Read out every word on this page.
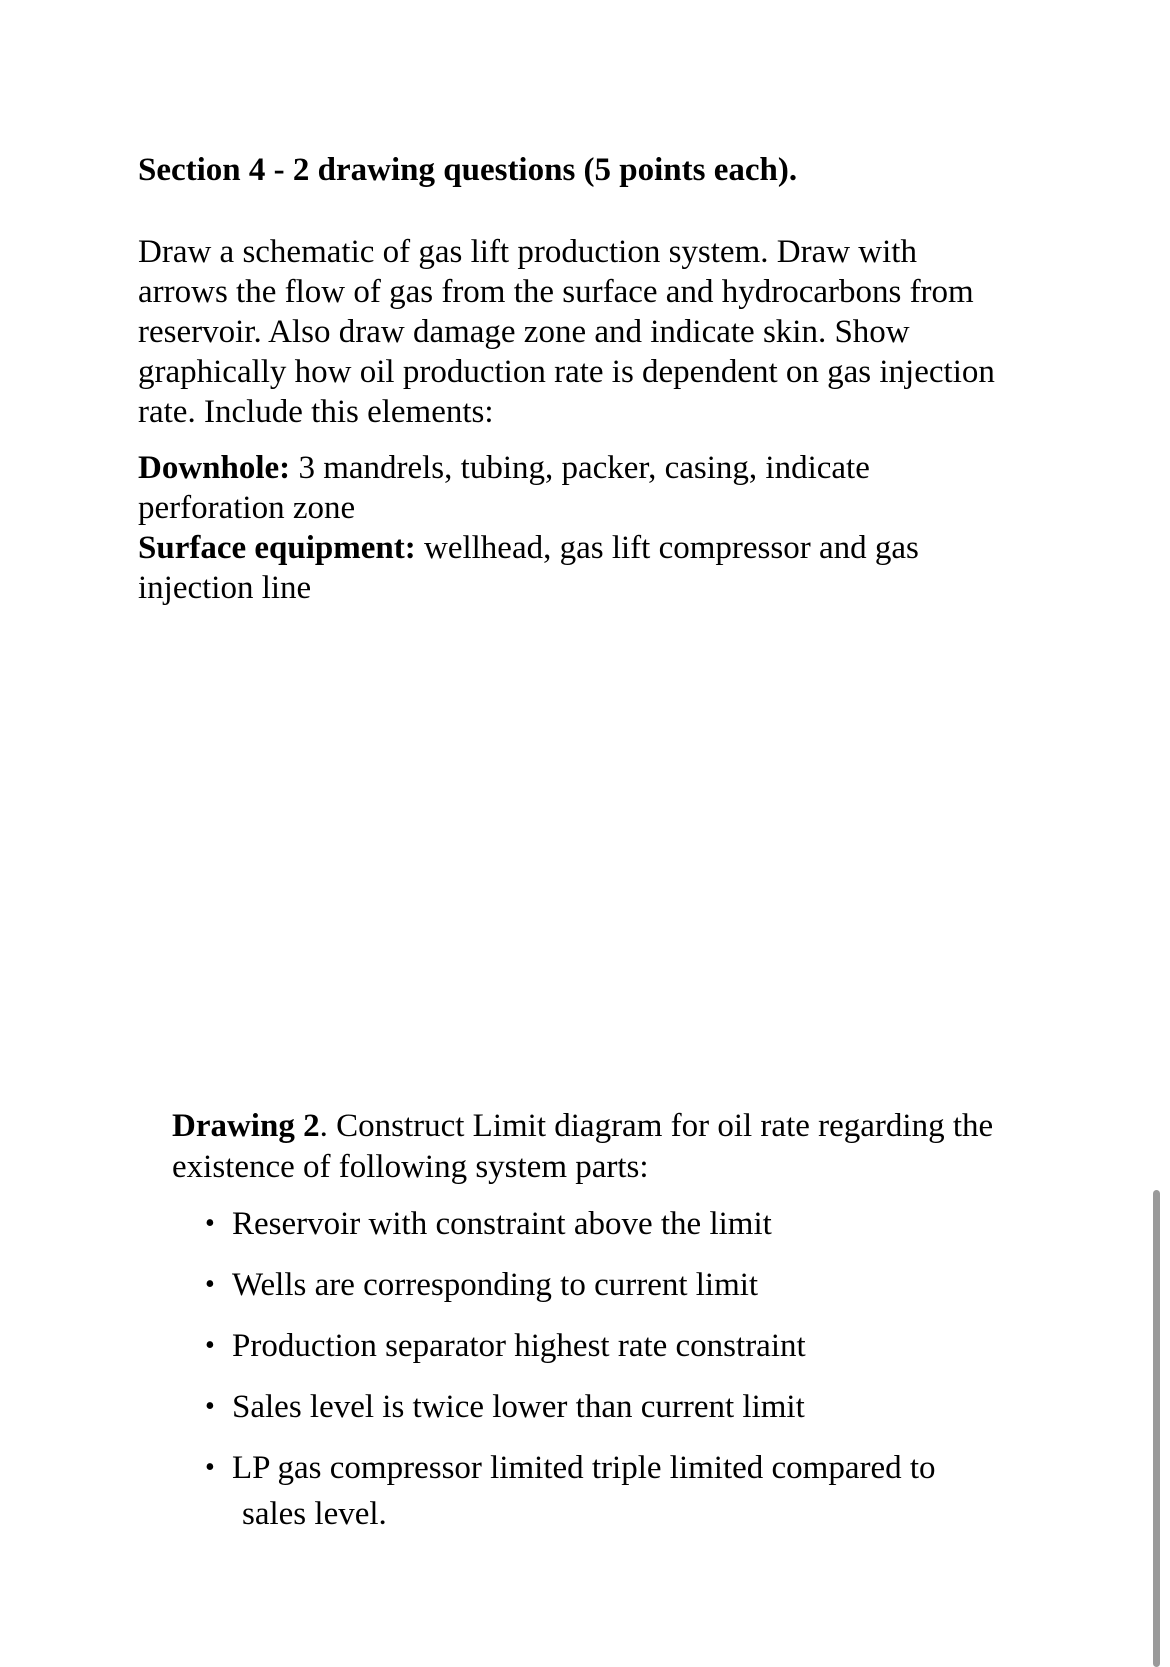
Section 4 - 2 drawing questions (5 points each).
Draw a schematic of gas lift production system. Draw with
arrows the flow of gas from the surface and hydrocarbons from
reservoir. Also draw damage zone and indicate skin. Show
graphically how oil production rate is dependent on gas injection
rate. Include this elements:
Downhole: 3 mandrels, tubing, packer, casing, indicate
perforation zone
Surface equipment: wellhead, gas lift compressor and gas
injection line
Drawing 2. Construct Limit diagram for oil rate regarding the
existence of following system parts:
• Reservoir with constraint above the limit
• Wells are corresponding to current limit
• Production separator highest rate constraint
• Sales level is twice lower than current limit
• LP gas compressor limited triple limited compared to
sales level.
